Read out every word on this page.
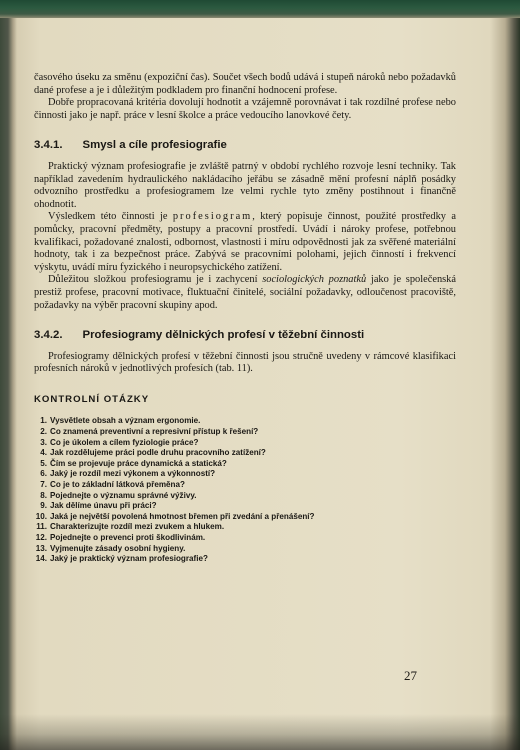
časového úseku za směnu (expoziční čas). Součet všech bodů udává i stupeň nároků nebo požadavků dané profese a je i důležitým podkladem pro finanční hodnocení profese.

Dobře propracovaná kritéria dovolují hodnotit a vzájemně porovnávat i tak rozdílné profese nebo činnosti jako je např. práce v lesní školce a práce vedoucího lanovkové čety.

3.4.1. Smysl a cíle profesiografie

Praktický význam profesiografie je zvláště patrný v období rychlého rozvoje lesní techniky. Tak například zavedením hydraulického nakládacího jeřábu se zásadně mění profesní náplň posádky odvozního prostředku a profesiogramem lze velmi rychle tyto změny postihnout i finančně ohodnotit.

Výsledkem této činnosti je profesiogram, který popisuje činnost, použité prostředky a pomůcky, pracovní předměty, postupy a pracovní prostředí. Uvádí i nároky profese, potřebnou kvalifikaci, požadované znalosti, odbornost, vlastnosti i míru odpovědnosti jak za svěřené materiální hodnoty, tak i za bezpečnost práce. Zabývá se pracovními polohami, jejich činností i frekvencí výskytu, uvádí míru fyzického i neuropsychického zatížení.

Důležitou složkou profesiogramu je i zachycení sociologických poznatků jako je společenská prestiž profese, pracovní motivace, fluktuační činitelé, sociální požadavky, odloučenost pracoviště, požadavky na výběr pracovní skupiny apod.

3.4.2. Profesiogramy dělnických profesí v těžební činnosti

Profesiogramy dělnických profesí v těžební činnosti jsou stručně uvedeny v rámcové klasifikaci profesních nároků v jednotlivých profesích (tab. 11).

KONTROLNÍ OTÁZKY
1. Vysvětlete obsah a význam ergonomie.
2. Co znamená preventivní a represivní přístup k řešení?
3. Co je úkolem a cílem fyziologie práce?
4. Jak rozdělujeme práci podle druhu pracovního zatížení?
5. Čím se projevuje práce dynamická a statická?
6. Jaký je rozdíl mezi výkonem a výkonností?
7. Co je to základní látková přeměna?
8. Pojednejte o významu správné výživy.
9. Jak dělíme únavu při práci?
10. Jaká je největší povolená hmotnost břemen při zvedání a přenášení?
11. Charakterizujte rozdíl mezi zvukem a hlukem.
12. Pojednejte o prevenci proti škodlivinám.
13. Vyjmenujte zásady osobní hygieny.
14. Jaký je praktický význam profesiografie?
27
